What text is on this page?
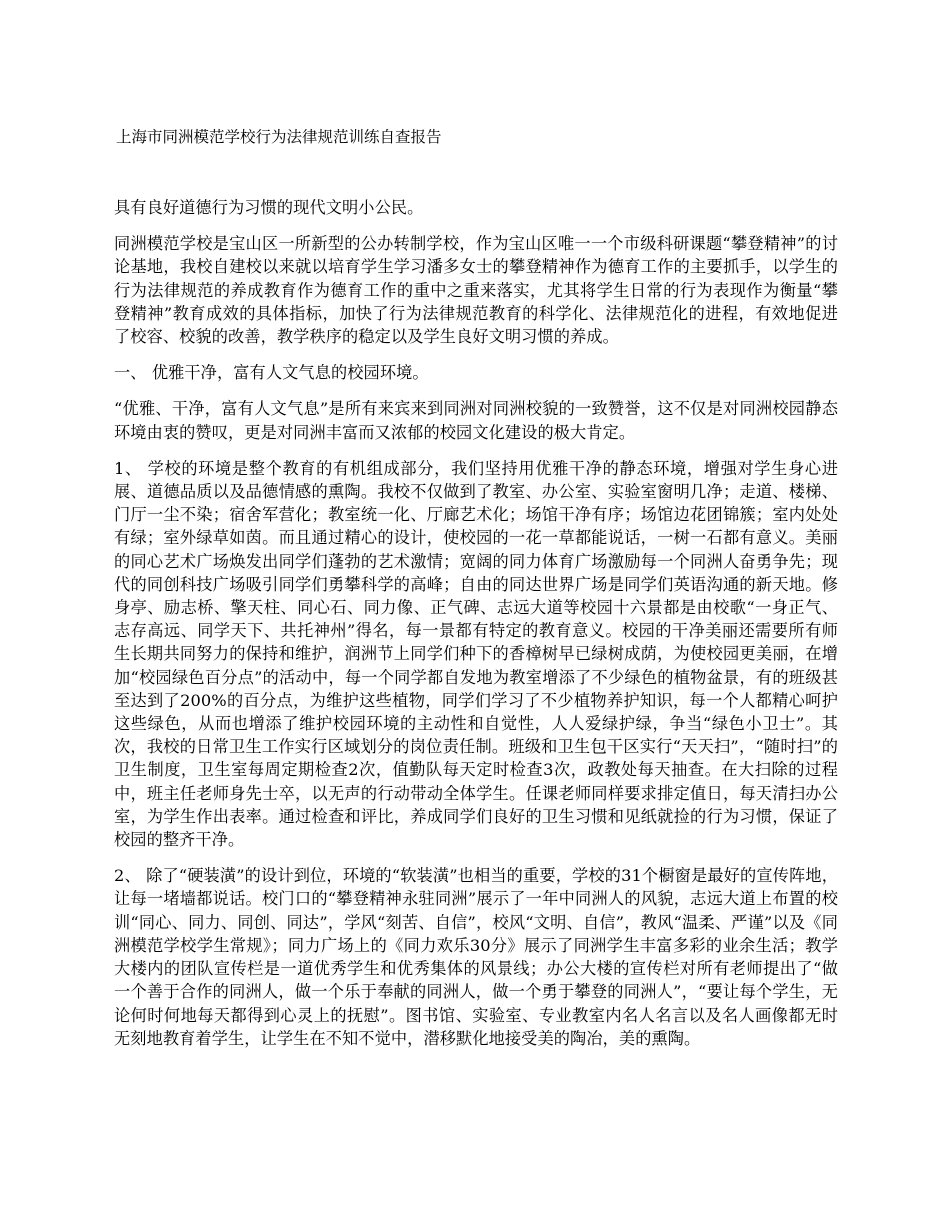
上海市同洲模范学校行为法律规范训练自查报告

具有良好道德行为习惯的现代文明小公民。

同洲模范学校是宝山区一所新型的公办转制学校，作为宝山区唯一一个市级科研课题“攀登精神”的讨论基地，我校自建校以来就以培育学生学习潘多女士的攀登精神作为德育工作的主要抓手，以学生的行为法律规范的养成教育作为德育工作的重中之重来落实，尤其将学生日常的行为表现作为衡量“攀登精神”教育成效的具体指标，加快了行为法律规范教育的科学化、法律规范化的进程，有效地促进了校容、校貌的改善，教学秩序的稳定以及学生良好文明习惯的养成。

一、 优雅干净，富有人文气息的校园环境。

“优雅、干净，富有人文气息”是所有来宾来到同洲对同洲校貌的一致赞誉，这不仅是对同洲校园静态环境由衷的赞叹，更是对同洲丰富而又浓郁的校园文化建设的极大肯定。

1、 学校的环境是整个教育的有机组成部分，我们坚持用优雅干净的静态环境，增强对学生身心进展、道德品质以及品德情感的熏陶。我校不仅做到了教室、办公室、实验室窗明几净；走道、楼梯、门厅一尘不染；宿舍军营化；教室统一化、厅廊艺术化；场馆干净有序；场馆边花团锦簇；室内处处有绿；室外绿草如茵。而且通过精心的设计，使校园的一花一草都能说话，一树一石都有意义。美丽的同心艺术广场焕发出同学们蓬勃的艺术激情；宽阔的同力体育广场激励每一个同洲人奋勇争先；现代的同创科技广场吸引同学们勇攀科学的高峰；自由的同达世界广场是同学们英语沟通的新天地。修身亭、励志桥、擎天柱、同心石、同力像、正气碑、志远大道等校园十六景都是由校歌“一身正气、志存高远、同学天下、共托神州”得名，每一景都有特定的教育意义。校园的干净美丽还需要所有师生长期共同努力的保持和维护，润洲节上同学们种下的香樟树早已绿树成荫，为使校园更美丽，在增加“校园绿色百分点”的活动中，每一个同学都自发地为教室增添了不少绿色的植物盆景，有的班级甚至达到了200%的百分点，为维护这些植物，同学们学习了不少植物养护知识，每一个人都精心呵护这些绿色，从而也增添了维护校园环境的主动性和自觉性，人人爱绿护绿，争当“绿色小卫士”。其次，我校的日常卫生工作实行区域划分的岗位责任制。班级和卫生包干区实行“天天扫”，“随时扫”的卫生制度，卫生室每周定期检查2次，值勤队每天定时检查3次，政教处每天抽查。在大扫除的过程中，班主任老师身先士卒，以无声的行动带动全体学生。任课老师同样要求排定值日，每天清扫办公室，为学生作出表率。通过检查和评比，养成同学们良好的卫生习惯和见纸就捡的行为习惯，保证了校园的整齐干净。

2、 除了“硬装潢”的设计到位，环境的“软装潢”也相当的重要，学校的31个橱窗是最好的宣传阵地，让每一堵墙都说话。校门口的“攀登精神永驻同洲”展示了一年中同洲人的风貌，志远大道上布置的校训“同心、同力、同创、同达”，学风“刻苦、自信”，校风“文明、自信”，教风“温柔、严谨”以及《同洲模范学校学生常规》；同力广场上的《同力欢乐30分》展示了同洲学生丰富多彩的业余生活；教学大楼内的团队宣传栏是一道优秀学生和优秀集体的风景线；办公大楼的宣传栏对所有老师提出了“做一个善于合作的同洲人，做一个乐于奉献的同洲人，做一个勇于攀登的同洲人”，“要让每个学生，无论何时何地每天都得到心灵上的抚慰”。图书馆、实验室、专业教室内名人名言以及名人画像都无时无刻地教育着学生，让学生在不知不觉中，潜移默化地接受美的陶冶，美的熏陶。
